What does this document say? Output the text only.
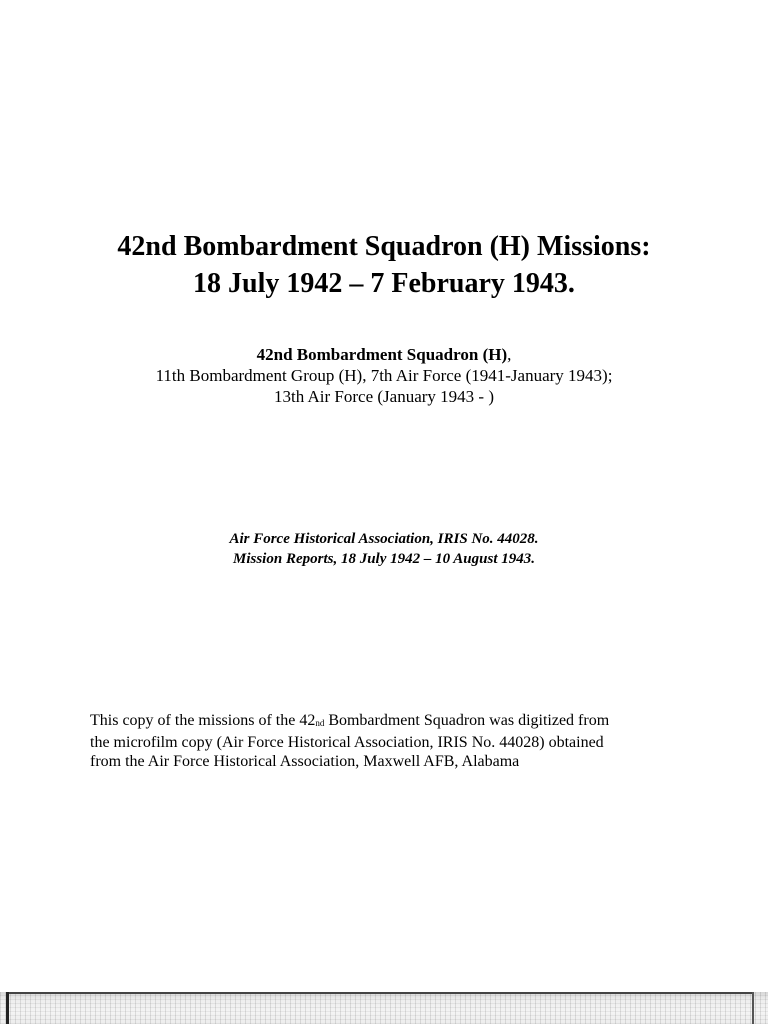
42nd Bombardment Squadron (H) Missions:
18 July 1942 – 7 February 1943.
42nd Bombardment Squadron (H),
11th Bombardment Group (H), 7th Air Force (1941-January 1943);
13th Air Force (January 1943 - )
Air Force Historical Association, IRIS No. 44028.
Mission Reports, 18 July 1942 – 10 August 1943.
This copy of the missions of the $42_{nd}$ Bombardment Squadron was digitized from
the microfilm copy (Air Force Historical Association, IRIS No. 44028) obtained
from the Air Force Historical Association, Maxwell AFB, Alabama
